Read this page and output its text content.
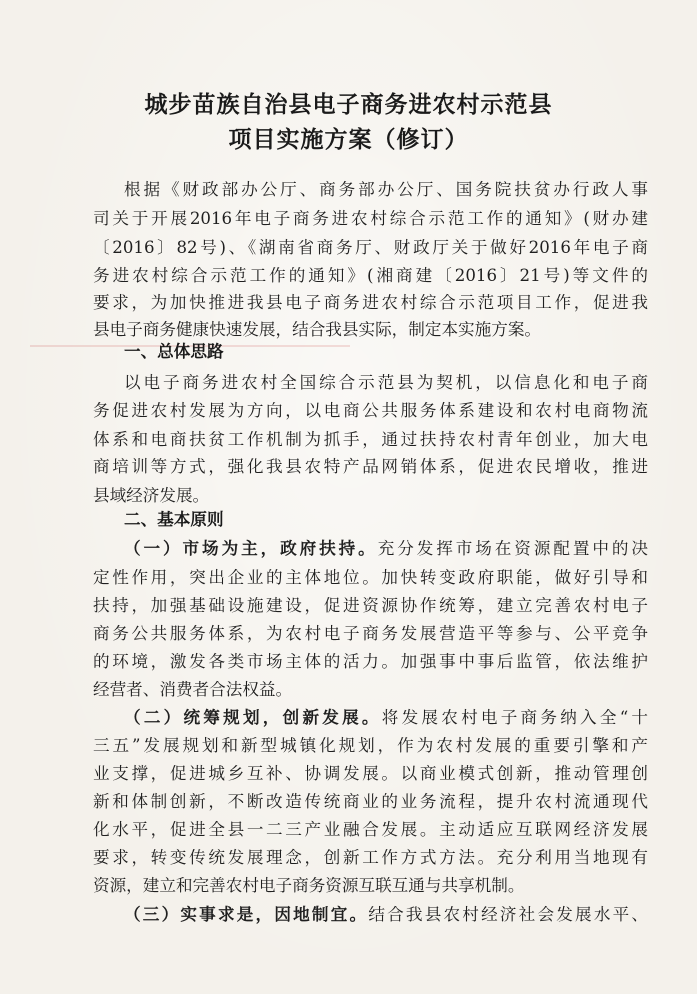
城步苗族自治县电子商务进农村示范县
项目实施方案（修订）
根据《财政部办公厅、商务部办公厅、国务院扶贫办行政人事
司关于开展2016年电子商务进农村综合示范工作的通知》(财办建
〔2016〕82号)、《湖南省商务厅、财政厅关于做好2016年电子商
务进农村综合示范工作的通知》(湘商建〔2016〕21号)等文件的
要求，为加快推进我县电子商务进农村综合示范项目工作，促进我
县电子商务健康快速发展，结合我县实际，制定本实施方案。
一、总体思路
以电子商务进农村全国综合示范县为契机，以信息化和电子商
务促进农村发展为方向，以电商公共服务体系建设和农村电商物流
体系和电商扶贫工作机制为抓手，通过扶持农村青年创业，加大电
商培训等方式，强化我县农特产品网销体系，促进农民增收，推进
县域经济发展。
二、基本原则
（一）市场为主，政府扶持。充分发挥市场在资源配置中的决
定性作用，突出企业的主体地位。加快转变政府职能，做好引导和
扶持，加强基础设施建设，促进资源协作统筹，建立完善农村电子
商务公共服务体系，为农村电子商务发展营造平等参与、公平竞争
的环境，激发各类市场主体的活力。加强事中事后监管，依法维护
经营者、消费者合法权益。
（二）统筹规划，创新发展。将发展农村电子商务纳入全“十
三五”发展规划和新型城镇化规划，作为农村发展的重要引擎和产
业支撑，促进城乡互补、协调发展。以商业模式创新，推动管理创
新和体制创新，不断改造传统商业的业务流程，提升农村流通现代
化水平，促进全县一二三产业融合发展。主动适应互联网经济发展
要求，转变传统发展理念，创新工作方式方法。充分利用当地现有
资源，建立和完善农村电子商务资源互联互通与共享机制。
（三）实事求是，因地制宜。结合我县农村经济社会发展水平、
